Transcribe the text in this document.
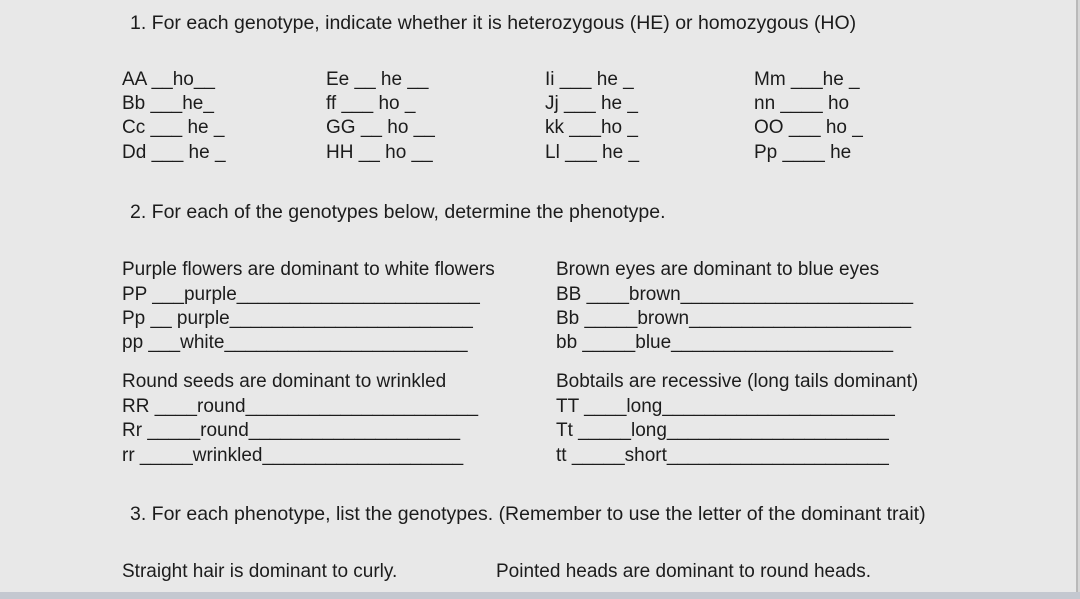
1. For each genotype, indicate whether it is heterozygous (HE) or homozygous (HO)
AA __ho__
Bb ___he_
Cc ___ he _
Dd ___ he _
Ee __ he __
ff ___ ho _
GG __ ho __
HH __ ho __
Ii ___ he _
Jj ___ he _
kk ___ho _
Ll ___ he _
Mm ___he _
nn ____ ho
OO ___ ho _
Pp ____ he
2. For each of the genotypes below, determine the phenotype.
Purple flowers are dominant to white flowers
PP ___purple_______________________
Pp __ purple_______________________
pp ___white_______________________
Brown eyes are dominant to blue eyes
BB ____brown______________________
Bb _____brown_____________________
bb _____blue_____________________
Round seeds are dominant to wrinkled
RR ____round______________________
Rr _____round____________________
rr _____wrinkled___________________
Bobtails are recessive (long tails dominant)
TT ____long______________________
Tt _____long_____________________
tt _____short_____________________
3. For each phenotype, list the genotypes. (Remember to use the letter of the dominant trait)
Straight hair is dominant to curly.	Pointed heads are dominant to round heads.
